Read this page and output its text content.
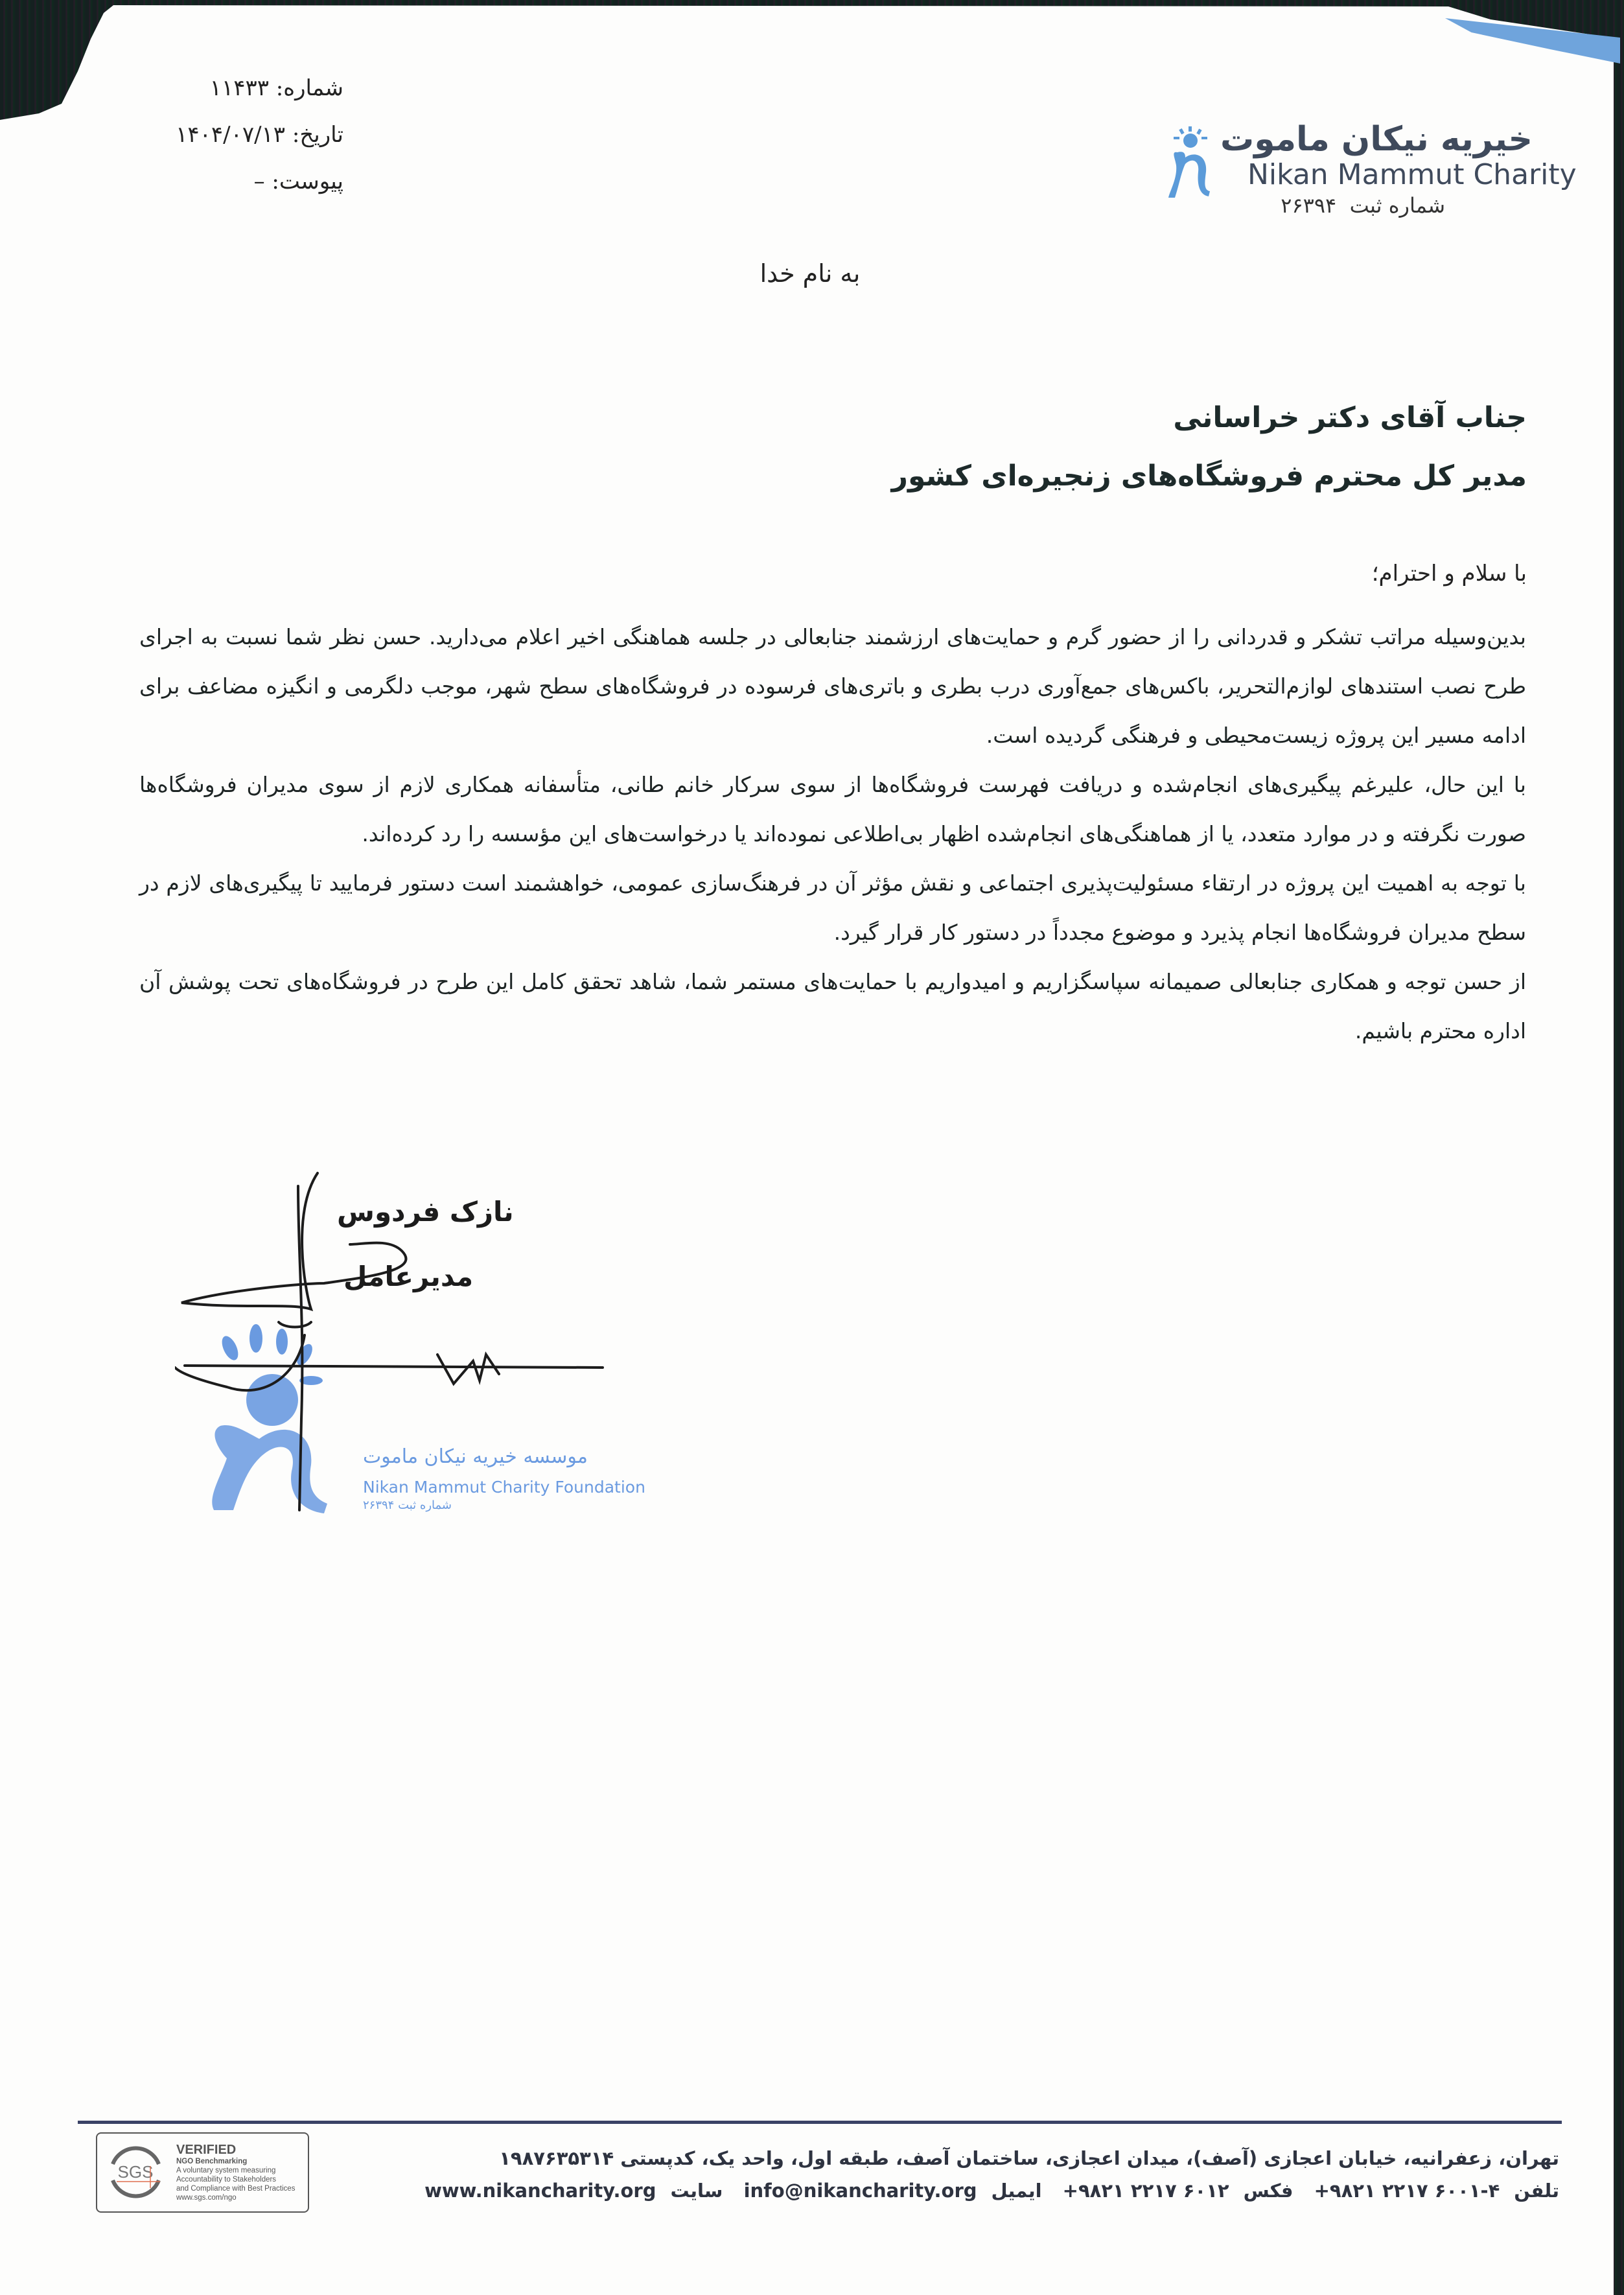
شماره: ۱۱۴۳۳
تاریخ: ۱۴۰۴/۰۷/۱۳
پیوست: –
خیریه نیکان ماموت
Nikan Mammut Charity
شماره ثبت  ۲۶۳۹۴
به نام خدا
جناب آقای دکتر خراسانی
مدیر کل محترم فروشگاه‌های زنجیره‌ای کشور
با سلام و احترام؛

بدین‌وسیله مراتب تشکر و قدردانی را از حضور گرم و حمایت‌های ارزشمند جنابعالی در جلسه هماهنگی اخیر اعلام می‌دارید. حسن نظر شما نسبت به اجرای طرح نصب استندهای لوازم‌التحریر، باکس‌های جمع‌آوری درب بطری و باتری‌های فرسوده در فروشگاه‌های سطح شهر، موجب دلگرمی و انگیزه مضاعف برای ادامه مسیر این پروژه زیست‌محیطی و فرهنگی گردیده است.

با این حال، علیرغم پیگیری‌های انجام‌شده و دریافت فهرست فروشگاه‌ها از سوی سرکار خانم طانی، متأسفانه همکاری لازم از سوی مدیران فروشگاه‌ها صورت نگرفته و در موارد متعدد، یا از هماهنگی‌های انجام‌شده اظهار بی‌اطلاعی نموده‌اند یا درخواست‌های این مؤسسه را رد کرده‌اند.

با توجه به اهمیت این پروژه در ارتقاء مسئولیت‌پذیری اجتماعی و نقش مؤثر آن در فرهنگ‌سازی عمومی، خواهشمند است دستور فرمایید تا پیگیری‌های لازم در سطح مدیران فروشگاه‌ها انجام پذیرد و موضوع مجدداً در دستور کار قرار گیرد.

از حسن توجه و همکاری جنابعالی صمیمانه سپاسگزاریم و امیدواریم با حمایت‌های مستمر شما، شاهد تحقق کامل این طرح در فروشگاه‌های تحت پوشش آن اداره محترم باشیم.

نازک فردوس
مدیرعامل
موسسه خیریه نیکان ماموت
Nikan Mammut Charity Foundation
شماره ثبت ۲۶۳۹۴
SGS
VERIFIED
NGO Benchmarking
A voluntary system measuring
Accountability to Stakeholders
and Compliance with Best Practices
www.sgs.com/ngo
تهران، زعفرانیه، خیابان اعجازی (آصف)، میدان اعجازی، ساختمان آصف، طبقه اول، واحد یک، کدپستی ۱۹۸۷۶۳۵۳۱۴
تلفن۴-۶۰۰۱ ۲۲۱۷ ۹۸۲۱+ فکس۶۰۱۲ ۲۲۱۷ ۹۸۲۱+ ایمیلinfo@nikancharity.org سایتwww.nikancharity.org
